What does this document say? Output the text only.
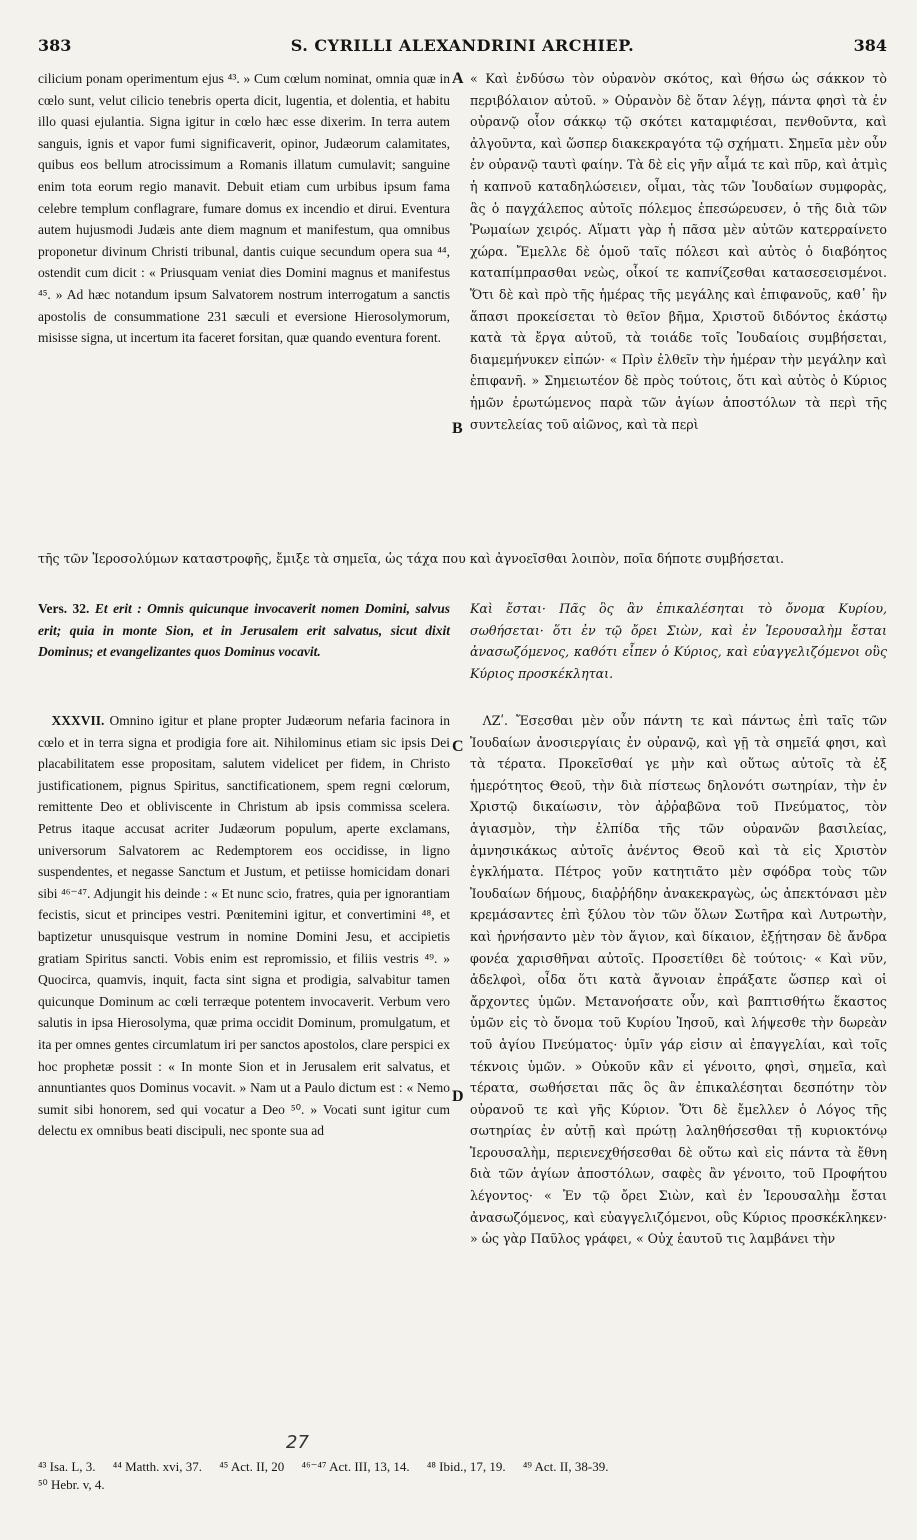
383	S. CYRILLI ALEXANDRINI ARCHIEP.	384

cilicium ponam operimentum ejus ⁴³. » Cum cœlum nominat, omnia quæ in cœlo sunt, velut cilicio tenebris operta dicit, lugentia, et dolentia, et habitu illo quasi ejulantia. Signa igitur in cœlo hæc esse dixerim. In terra autem sanguis, ignis et vapor fumi significaverit, opinor, Judæorum calamitates, quibus eos bellum atrocissimum a Romanis illatum cumulavit; sanguine enim tota eorum regio manavit. Debuit etiam cum urbibus ipsum fama celebre templum conflagrare, fumare domus ex incendio et dirui. Eventura autem hujusmodi Judæis ante diem magnum et manifestum, qua omnibus proponetur divinum Christi tribunal, dantis cuique secundum opera sua ⁴⁴, ostendit cum dicit : « Priusquam veniat dies Domini magnus et manifestus ⁴⁵. » Ad hæc notandum ipsum Salvatorem nostrum interrogatum a sanctis apostolis de consummatione 231 sæculi et eversione Hierosolymorum, misisse signa, ut incertum ita faceret forsitan, quæ quando eventura forent.

« Καὶ ἐνδύσω τὸν οὐρανὸν σκότος, καὶ θήσω ὡς σάκκον τὸ περιβόλαιον αὐτοῦ. » Οὐρανὸν δὲ ὅταν λέγῃ, πάντα φησὶ τὰ ἐν οὐρανῷ οἷον σάκκῳ τῷ σκότει καταμφιέσαι, πενθοῦντα, καὶ ἀλγοῦντα, καὶ ὥσπερ διακεκραγότα τῷ σχήματι. Σημεῖα μὲν οὖν ἐν οὐρανῷ ταυτὶ φαίην. Τὰ δὲ εἰς γῆν αἷμά τε καὶ πῦρ, καὶ ἀτμὶς ἡ καπνοῦ καταδηλώσειεν, οἶμαι, τὰς τῶν Ἰουδαίων συμφορὰς, ἃς ὁ παγχάλεπος αὐτοῖς πόλεμος ἐπεσώρευσεν, ὁ τῆς διὰ τῶν Ῥωμαίων χειρός. Αἵματι γὰρ ἡ πᾶσα μὲν αὐτῶν κατερραίνετο χώρα. Ἔμελλε δὲ ὁμοῦ ταῖς πόλεσι καὶ αὐτὸς ὁ διαβόητος καταπίμπρασθαι νεὼς, οἶκοί τε καπνίζεσθαι κατασεσεισμένοι. Ὅτι δὲ καὶ πρὸ τῆς ἡμέρας τῆς μεγάλης καὶ ἐπιφανοῦς, καθ᾽ ἣν ἅπασι προκείσεται τὸ θεῖον βῆμα, Χριστοῦ διδόντος ἑκάστῳ κατὰ τὰ ἔργα αὐτοῦ, τὰ τοιάδε τοῖς Ἰουδαίοις συμβήσεται, διαμεμήνυκεν εἰπών· « Πρὶν ἐλθεῖν τὴν ἡμέραν τὴν μεγάλην καὶ ἐπιφανῆ. » Σημειωτέον δὲ πρὸς τούτοις, ὅτι καὶ αὐτὸς ὁ Κύριος ἡμῶν ἐρωτώμενος παρὰ τῶν ἁγίων ἀποστόλων τὰ περὶ τῆς συντελείας τοῦ αἰῶνος, καὶ τὰ περὶ

τῆς τῶν Ἱεροσολύμων καταστροφῆς, ἔμιξε τὰ σημεῖα, ὡς τάχα που καὶ ἀγνοεῖσθαι λοιπὸν, ποῖα δήποτε συμβήσεται.

Vers. 32. Et erit : Omnis quicunque invocaverit nomen Domini, salvus erit; quia in monte Sion, et in Jerusalem erit salvatus, sicut dixit Dominus; et evangelizantes quos Dominus vocavit.

Καὶ ἔσται· Πᾶς ὃς ἂν ἐπικαλέσηται τὸ ὄνομα Κυρίου, σωθήσεται· ὅτι ἐν τῷ ὄρει Σιὼν, καὶ ἐν Ἱερουσαλὴμ ἔσται ἀνασωζόμενος, καθότι εἶπεν ὁ Κύριος, καὶ εὐαγγελιζόμενοι οὓς Κύριος προσκέκληται.

 XXXVII. Omnino igitur et plane propter Judæorum nefaria facinora in cœlo et in terra signa et prodigia fore ait. Nihilominus etiam sic ipsis Dei placabilitatem esse propositam, salutem videlicet per fidem, in Christo justificationem, pignus Spiritus, sanctificationem, spem regni cœlorum, remittente Deo et obliviscente in Christum ab ipsis commissa scelera. Petrus itaque accusat acriter Judæorum populum, aperte exclamans, universorum Salvatorem ac Redemptorem eos occidisse, in ligno suspendentes, et negasse Sanctum et Justum, et petiisse homicidam donari sibi ⁴⁶⁻⁴⁷. Adjungit his deinde : « Et nunc scio, fratres, quia per ignorantiam fecistis, sicut et principes vestri. Pœnitemini igitur, et convertimini ⁴⁸, et baptizetur unusquisque vestrum in nomine Domini Jesu, et accipietis gratiam Spiritus sancti. Vobis enim est repromissio, et filiis vestris ⁴⁹. » Quocirca, quamvis, inquit, facta sint signa et prodigia, salvabitur tamen quicunque Dominum ac cœli terræque potentem invocaverit. Verbum vero salutis in ipsa Hierosolyma, quæ prima occidit Dominum, promulgatum, et ita per omnes gentes circumlatum iri per sanctos apostolos, clare perspici ex hoc prophetæ possit : « In monte Sion et in Jerusalem erit salvatus, et annuntiantes quos Dominus vocavit. » Nam ut a Paulo dictum est : « Nemo sumit sibi honorem, sed qui vocatur a Deo ⁵⁰. » Vocati sunt igitur cum delectu ex omnibus beati discipuli, nec sponte sua ad

 ΛΖʹ. Ἔσεσθαι μὲν οὖν πάντη τε καὶ πάντως ἐπὶ ταῖς τῶν Ἰουδαίων ἀνοσιεργίαις ἐν οὐρανῷ, καὶ γῇ τὰ σημεῖά φησι, καὶ τὰ τέρατα. Προκεῖσθαί γε μὴν καὶ οὕτως αὐτοῖς τὰ ἐξ ἡμερότητος Θεοῦ, τὴν διὰ πίστεως δηλονότι σωτηρίαν, τὴν ἐν Χριστῷ δικαίωσιν, τὸν ἀῤῥαβῶνα τοῦ Πνεύματος, τὸν ἁγιασμὸν, τὴν ἐλπίδα τῆς τῶν οὐρανῶν βασιλείας, ἀμνησικάκως αὐτοῖς ἀνέντος Θεοῦ καὶ τὰ εἰς Χριστὸν ἐγκλήματα. Πέτρος γοῦν κατητιᾶτο μὲν σφόδρα τοὺς τῶν Ἰουδαίων δήμους, διαῤῥήδην ἀνακεκραγὼς, ὡς ἀπεκτόνασι μὲν κρεμάσαντες ἐπὶ ξύλου τὸν τῶν ὅλων Σωτῆρα καὶ Λυτρωτὴν, καὶ ἠρνήσαντο μὲν τὸν ἅγιον, καὶ δίκαιον, ἐξῄτησαν δὲ ἄνδρα φονέα χαρισθῆναι αὐτοῖς. Προσετίθει δὲ τούτοις· « Καὶ νῦν, ἀδελφοὶ, οἶδα ὅτι κατὰ ἄγνοιαν ἐπράξατε ὥσπερ καὶ οἱ ἄρχοντες ὑμῶν. Μετανοήσατε οὖν, καὶ βαπτισθήτω ἕκαστος ὑμῶν εἰς τὸ ὄνομα τοῦ Κυρίου Ἰησοῦ, καὶ λήψεσθε τὴν δωρεὰν τοῦ ἁγίου Πνεύματος· ὑμῖν γάρ εἰσιν αἱ ἐπαγγελίαι, καὶ τοῖς τέκνοις ὑμῶν. » Οὐκοῦν κἂν εἰ γένοιτο, φησὶ, σημεῖα, καὶ τέρατα, σωθήσεται πᾶς ὃς ἂν ἐπικαλέσηται δεσπότην τὸν οὐρανοῦ τε καὶ γῆς Κύριον. Ὅτι δὲ ἔμελλεν ὁ Λόγος τῆς σωτηρίας ἐν αὐτῇ καὶ πρώτῃ λαληθήσεσθαι τῇ κυριοκτόνῳ Ἱερουσαλὴμ, περιενεχθήσεσθαι δὲ οὕτω καὶ εἰς πάντα τὰ ἔθνη διὰ τῶν ἁγίων ἀποστόλων, σαφὲς ἂν γένοιτο, τοῦ Προφήτου λέγοντος· « Ἐν τῷ ὄρει Σιὼν, καὶ ἐν Ἱερουσαλὴμ ἔσται ἀνασωζόμενος, καὶ εὐαγγελιζόμενοι, οὓς Κύριος προσκέκληκεν· » ὡς γὰρ Παῦλος γράφει, « Οὐχ ἑαυτοῦ τις λαμβάνει τὴν

A
B
C
D
27
⁴³ Isa. L, 3. ⁴⁴ Matth. xvi, 37. ⁴⁵ Act. II, 20 ⁴⁶⁻⁴⁷ Act. III, 13, 14. ⁴⁸ Ibid., 17, 19. ⁴⁹ Act. II, 38-39.
⁵⁰ Hebr. v, 4.
